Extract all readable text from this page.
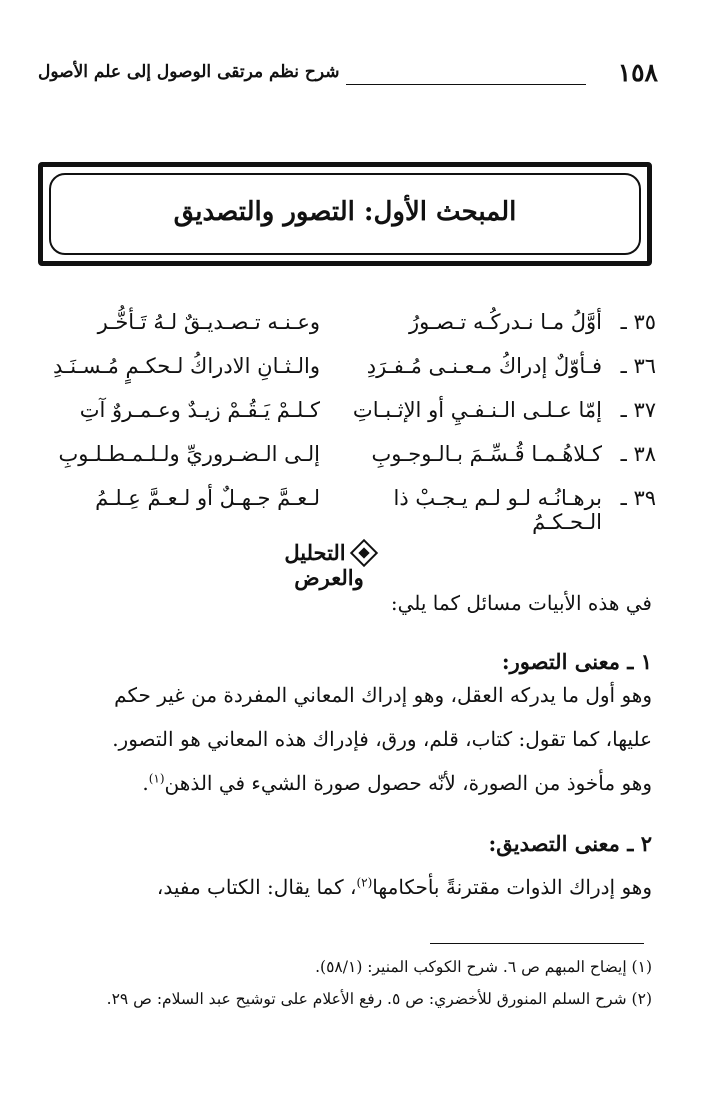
١٥٨
شرح نظم مرتقى الوصول إلى علم الأصول
المبحث الأول: التصور والتصديق
٣٥ ـ
أوَّلُ مـا نـدركُـه تـصـورُ
وعـنـه تـصـديـقٌ لـهُ تَـأخُّـر
٣٦ ـ
فـأوّلٌ إدراكُ مـعـنـى مُـفـرَدِ
والـثـانِ الادراكُ لـحكـمٍ مُـسـنَـدِ
٣٧ ـ
إمّا عـلـى الـنـفـيِ أو الإثـبـاتِ
كـلـمْ يَـقُـمْ زيـدٌ وعـمـروٌ آتِ
٣٨ ـ
كـلاهُـمـا قُـسِّـمَ بـالـوجـوبِ
إلـى الـضـروريِّ ولـلـمـطـلـوبِ
٣٩ ـ
برهـانُـه لـو لـم يـجـبْ ذا الـحـكـمُ
لـعـمَّ جـهـلٌ أو لـعـمَّ عِـلـمُ
التحليل والعرض
في هذه الأبيات مسائل كما يلي:
١ ـ معنى التصور:
وهو أول ما يدركه العقل، وهو إدراك المعاني المفردة من غير حكم
عليها، كما تقول: كتاب، قلم، ورق، فإدراك هذه المعاني هو التصور.
وهو مأخوذ من الصورة، لأنّه حصول صورة الشيء في الذهن$^{(١)}$.
٢ ـ معنى التصديق:
وهو إدراك الذوات مقترنةً بأحكامها$^{(٢)}$، كما يقال: الكتاب مفيد،
(١) إيضاح المبهم ص ٦. شرح الكوكب المنير: (٥٨/١).
(٢) شرح السلم المنورق للأخضري: ص ٥. رفع الأعلام على توشيح عبد السلام: ص ٢٩.
